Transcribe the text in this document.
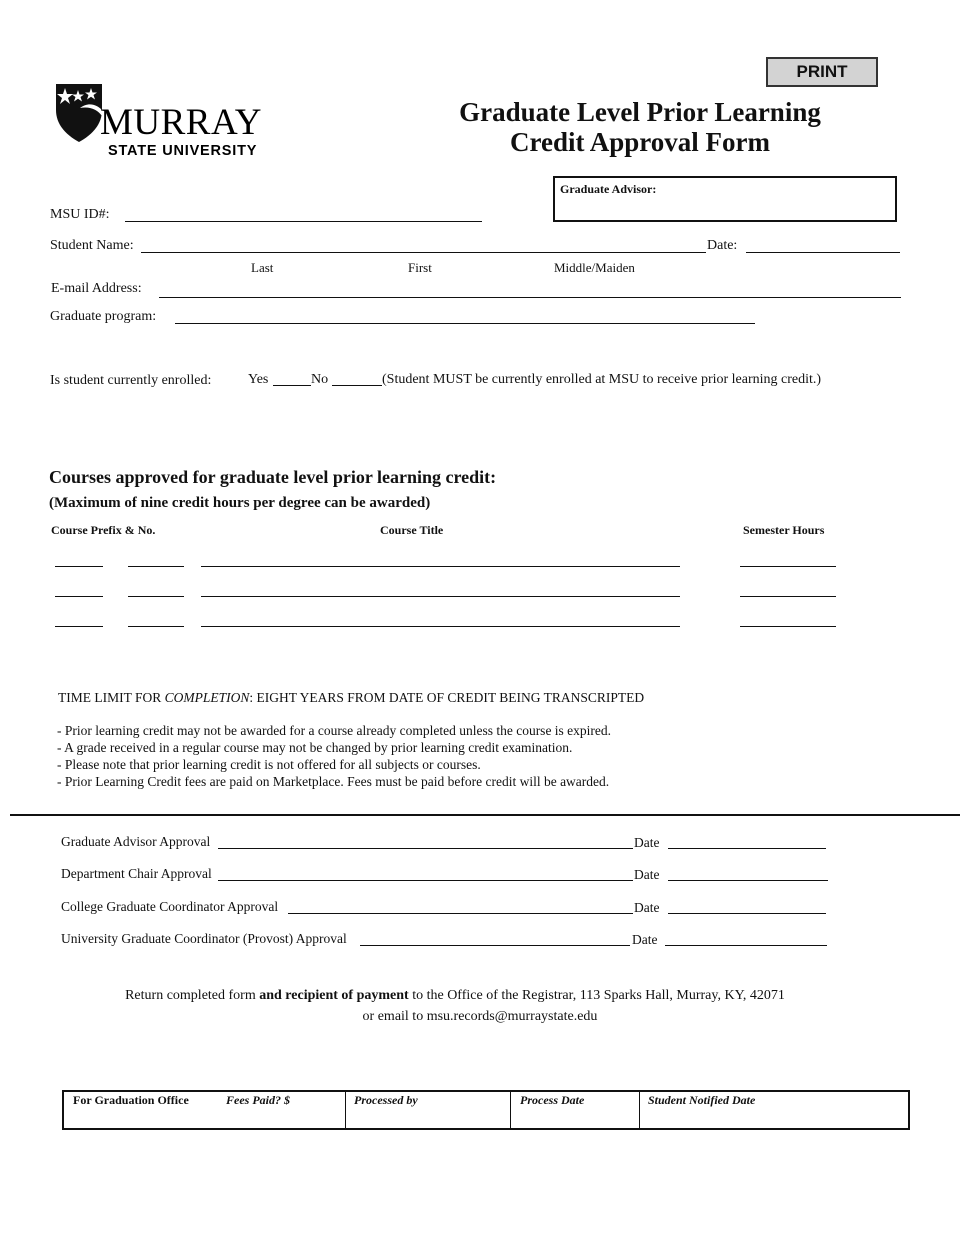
PRINT
MURRAY
STATE UNIVERSITY
Graduate Level Prior Learning
Credit Approval Form
Graduate Advisor:
MSU ID#:
Student Name:	Date:
Last	First	Middle/Maiden
E-mail Address:
Graduate program:
Is student currently enrolled:	Yes	No	(Student MUST be currently enrolled at MSU to receive prior learning credit.)
Courses approved for graduate level prior learning credit:
(Maximum of nine credit hours per degree can be awarded)
Course Prefix & No.	Course Title	Semester Hours
TIME LIMIT FOR COMPLETION: EIGHT YEARS FROM DATE OF CREDIT BEING TRANSCRIPTED
- Prior learning credit may not be awarded for a course already completed unless the course is expired.
- A grade received in a regular course may not be changed by prior learning credit examination.
- Please note that prior learning credit is not offered for all subjects or courses.
- Prior Learning Credit fees are paid on Marketplace. Fees must be paid before credit will be awarded.
Graduate Advisor Approval	Date
Department Chair Approval	Date
College Graduate Coordinator Approval	Date
University Graduate Coordinator (Provost) Approval	Date
Return completed form and recipient of payment to the Office of the Registrar, 113 Sparks Hall, Murray, KY, 42071
or email to msu.records@murraystate.edu
For Graduation Office	Fees Paid? $	Processed by	Process Date	Student Notified Date
